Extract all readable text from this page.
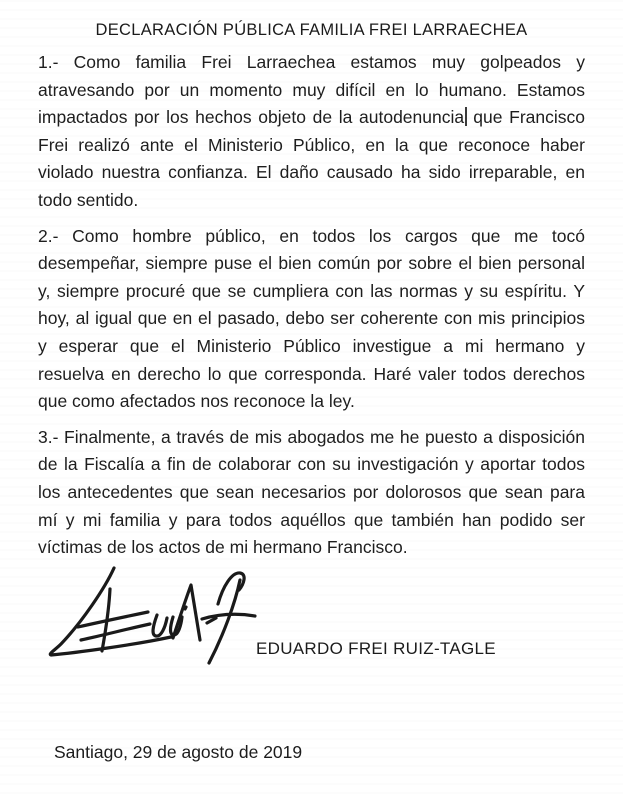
DECLARACIÓN PÚBLICA FAMILIA FREI LARRAECHEA

1.- Como familia Frei Larraechea estamos muy golpeados y atravesando por un momento muy difícil en lo humano. Estamos impactados por los hechos objeto de la autodenuncia que Francisco Frei realizó ante el Ministerio Público, en la que reconoce haber violado nuestra confianza. El daño causado ha sido irreparable, en todo sentido.

2.- Como hombre público, en todos los cargos que me tocó desempeñar, siempre puse el bien común por sobre el bien personal y, siempre procuré que se cumpliera con las normas y su espíritu. Y hoy, al igual que en el pasado, debo ser coherente con mis principios y esperar que el Ministerio Público investigue a mi hermano y resuelva en derecho lo que corresponda. Haré valer todos derechos que como afectados nos reconoce la ley.

3.- Finalmente, a través de mis abogados me he puesto a disposición de la Fiscalía a fin de colaborar con su investigación y aportar todos los antecedentes que sean necesarios por dolorosos que sean para mí y mi familia y para todos aquéllos que también han podido ser víctimas de los actos de mi hermano Francisco.

EDUARDO FREI RUIZ-TAGLE
Santiago, 29 de agosto de 2019
